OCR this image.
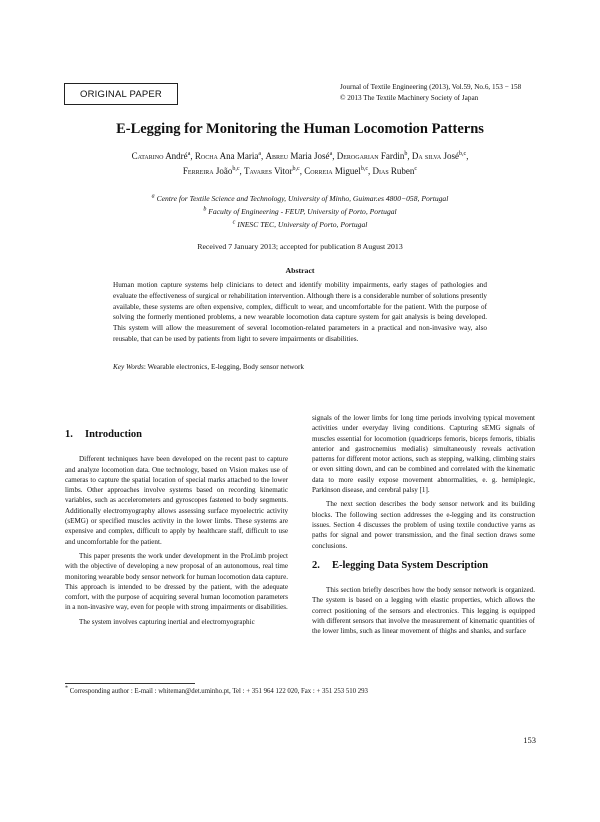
ORIGINAL PAPER
Journal of Textile Engineering (2013), Vol.59, No.6, 153 − 158
© 2013 The Textile Machinery Society of Japan
E-Legging for Monitoring the Human Locomotion Patterns
Catarino André$^a$, Rocha Ana Maria$^a$, Abreu Maria José$^a$, Derogarian Fardin$^b$, Da silva José$^{b,c}$,
Ferreira João$^{b,c}$, Tavares Vitor$^{b,c}$, Correia Miguel$^{b,c}$, Dias Ruben$^c$
$^a$ Centre for Textile Science and Technology, University of Minho, Guimar.es 4800−058, Portugal
$^b$ Faculty of Engineering - FEUP, University of Porto, Portugal
$^c$ INESC TEC, University of Porto, Portugal
Received 7 January 2013; accepted for publication 8 August 2013
Abstract
Human motion capture systems help clinicians to detect and identify mobility impairments, early stages of pathologies and evaluate the effectiveness of surgical or rehabilitation intervention. Although there is a considerable number of solutions presently available, these systems are often expensive, complex, difficult to wear, and uncomfortable for the patient. With the purpose of solving the formerly mentioned problems, a new wearable locomotion data capture system for gait analysis is being developed. This system will allow the measurement of several locomotion-related parameters in a practical and non-invasive way, also reusable, that can be used by patients from light to severe impairments or disabilities.
Key Words: Wearable electronics, E-legging, Body sensor network
1. Introduction

Different techniques have been developed on the recent past to capture and analyze locomotion data. One technology, based on Vision makes use of cameras to capture the spatial location of special marks attached to the lower limbs. Other approaches involve systems based on recording kinematic variables, such as accelerometers and gyroscopes fastened to body segments. Additionally electromyography allows assessing surface myoelectric activity (sEMG) or specified muscles activity in the lower limbs. These systems are expensive and complex, difficult to apply by healthcare staff, difficult to use and uncomfortable for the patient.

This paper presents the work under development in the ProLimb project with the objective of developing a new proposal of an autonomous, real time monitoring wearable body sensor network for human locomotion data capture. This approach is intended to be dressed by the patient, with the adequate comfort, with the purpose of acquiring several human locomotion parameters in a non-invasive way, even for people with strong impairments or disabilities.

The system involves capturing inertial and electromyographic

signals of the lower limbs for long time periods involving typical movement activities under everyday living conditions. Capturing sEMG signals of muscles essential for locomotion (quadriceps femoris, biceps femoris, tibialis anterior and gastrocnemius medialis) simultaneously reveals activation patterns for different motor actions, such as stepping, walking, climbing stairs or even sitting down, and can be combined and correlated with the kinematic data to more easily expose movement abnormalities, e. g. hemiplegic, Parkinson disease, and cerebral palsy [1].

The next section describes the body sensor network and its building blocks. The following section addresses the e-legging and its construction issues. Section 4 discusses the problem of using textile conductive yarns as paths for signal and power transmission, and the final section draws some conclusions.

2. E-legging Data System Description

This section briefly describes how the body sensor network is organized. The system is based on a legging with elastic properties, which allows the correct positioning of the sensors and electronics. This legging is equipped with different sensors that involve the measurement of kinematic quantities of the lower limbs, such as linear movement of thighs and shanks, and surface

* Corresponding author : E-mail : whiteman@det.uminho.pt, Tel : + 351 964 122 020, Fax : + 351 253 510 293
153
